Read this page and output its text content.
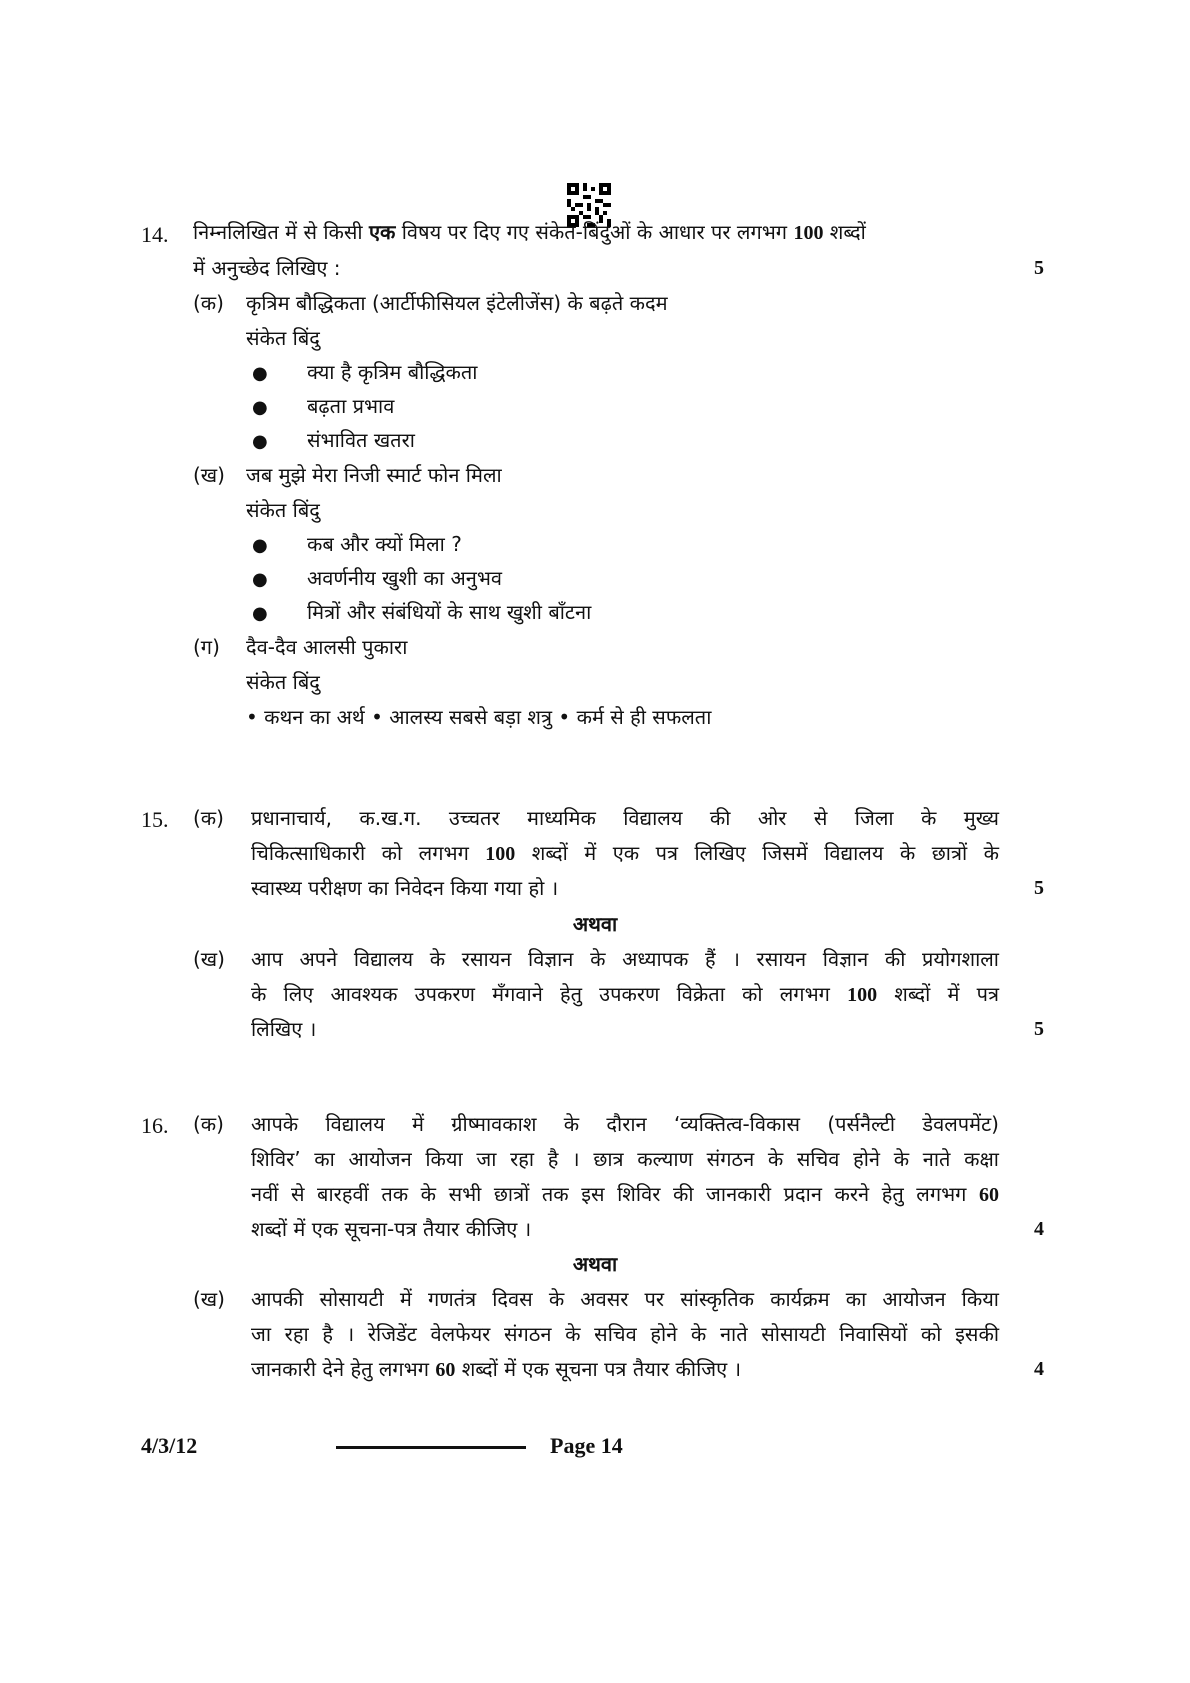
14. निम्नलिखित में से किसी एक विषय पर दिए गए संकेत-बिंदुओं के आधार पर लगभग 100 शब्दों
में अनुच्छेद लिखिए :	5
(क) कृत्रिम बौद्धिकता (आर्टीफीसियल इंटेलीजेंस) के बढ़ते कदम
संकेत बिंदु
● क्या है कृत्रिम बौद्धिकता
● बढ़ता प्रभाव
● संभावित खतरा
(ख) जब मुझे मेरा निजी स्मार्ट फोन मिला
संकेत बिंदु
● कब और क्यों मिला ?
● अवर्णनीय खुशी का अनुभव
● मित्रों और संबंधियों के साथ खुशी बाँटना
(ग) दैव-दैव आलसी पुकारा
संकेत बिंदु
• कथन का अर्थ • आलस्य सबसे बड़ा शत्रु • कर्म से ही सफलता
15. (क) प्रधानाचार्य, क.ख.ग. उच्चतर माध्यमिक विद्यालय की ओर से जिला के मुख्य
चिकित्साधिकारी को लगभग 100 शब्दों में एक पत्र लिखिए जिसमें विद्यालय के छात्रों के
स्वास्थ्य परीक्षण का निवेदन किया गया हो ।	5
अथवा
(ख) आप अपने विद्यालय के रसायन विज्ञान के अध्यापक हैं । रसायन विज्ञान की प्रयोगशाला
के लिए आवश्यक उपकरण मँगवाने हेतु उपकरण विक्रेता को लगभग 100 शब्दों में पत्र
लिखिए ।	5
16. (क) आपके विद्यालय में ग्रीष्मावकाश के दौरान ‘व्यक्तित्व-विकास (पर्सनैल्टी डेवलपमेंट)
शिविर’ का आयोजन किया जा रहा है । छात्र कल्याण संगठन के सचिव होने के नाते कक्षा
नवीं से बारहवीं तक के सभी छात्रों तक इस शिविर की जानकारी प्रदान करने हेतु लगभग 60
शब्दों में एक सूचना-पत्र तैयार कीजिए ।	4
अथवा
(ख) आपकी सोसायटी में गणतंत्र दिवस के अवसर पर सांस्कृतिक कार्यक्रम का आयोजन किया
जा रहा है । रेजिडेंट वेलफेयर संगठन के सचिव होने के नाते सोसायटी निवासियों को इसकी
जानकारी देने हेतु लगभग 60 शब्दों में एक सूचना पत्र तैयार कीजिए ।	4
4/3/12	Page 14
